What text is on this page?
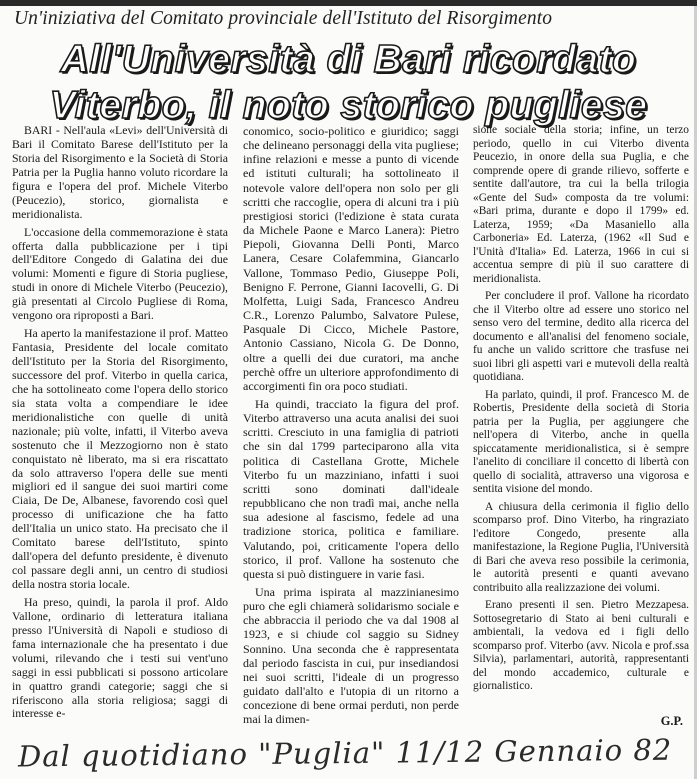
Un'iniziativa del Comitato provinciale dell'Istituto del Risorgimento
All'Università di Bari ricordato
Viterbo, il noto storico pugliese

BARI - Nell'aula «Levi» dell'Università di Bari il Comitato Barese dell'Istituto per la Storia del Risorgimento e la Società di Storia Patria per la Puglia hanno voluto ricordare la figura e l'opera del prof. Michele Viterbo (Peucezio), storico, giornalista e meridionalista.

L'occasione della commemorazione è stata offerta dalla pubblicazione per i tipi dell'Editore Congedo di Galatina dei due volumi: Momenti e figure di Storia pugliese, studi in onore di Michele Viterbo (Peucezio), già presentati al Circolo Pugliese di Roma, vengono ora riproposti a Bari.

Ha aperto la manifestazione il prof. Matteo Fantasia, Presidente del locale comitato dell'Istituto per la Storia del Risorgimento, successore del prof. Viterbo in quella carica, che ha sottolineato come l'opera dello storico sia stata volta a compendiare le idee meridionalistiche con quelle di unità nazionale; più volte, infatti, il Viterbo aveva sostenuto che il Mezzogiorno non è stato conquistato nè liberato, ma si era riscattato da solo attraverso l'opera delle sue menti migliori ed il sangue dei suoi martiri come Ciaia, De De, Albanese, favorendo così quel processo di unificazione che ha fatto dell'Italia un unico stato. Ha precisato che il Comitato barese dell'Istituto, spinto dall'opera del defunto presidente, è divenuto col passare degli anni, un centro di studiosi della nostra storia locale.

Ha preso, quindi, la parola il prof. Aldo Vallone, ordinario di letteratura italiana presso l'Università di Napoli e studioso di fama internazionale che ha presentato i due volumi, rilevando che i testi sui vent'uno saggi in essi pubblicati si possono articolare in quattro grandi categorie; saggi che si riferiscono alla storia religiosa; saggi di interesse e-

conomico, socio-politico e giuridico; saggi che delineano personaggi della vita pugliese; infine relazioni e messe a punto di vicende ed istituti culturali; ha sottolineato il notevole valore dell'opera non solo per gli scritti che raccoglie, opera di alcuni tra i più prestigiosi storici (l'edizione è stata curata da Michele Paone e Marco Lanera): Pietro Piepoli, Giovanna Delli Ponti, Marco Lanera, Cesare Colafemmina, Giancarlo Vallone, Tommaso Pedio, Giuseppe Poli, Benigno F. Perrone, Gianni Iacovelli, G. Di Molfetta, Luigi Sada, Francesco Andreu C.R., Lorenzo Palumbo, Salvatore Pulese, Pasquale Di Cicco, Michele Pastore, Antonio Cassiano, Nicola G. De Donno, oltre a quelli dei due curatori, ma anche perchè offre un ulteriore approfondimento di accorgimenti fin ora poco studiati.

Ha quindi, tracciato la figura del prof. Viterbo attraverso una acuta analisi dei suoi scritti. Cresciuto in una famiglia di patrioti che sin dal 1799 parteciparono alla vita politica di Castellana Grotte, Michele Viterbo fu un mazziniano, infatti i suoi scritti sono dominati dall'ideale repubblicano che non tradì mai, anche nella sua adesione al fascismo, fedele ad una tradizione storica, politica e familiare. Valutando, poi, criticamente l'opera dello storico, il prof. Vallone ha sostenuto che questa si può distinguere in varie fasi.

Una prima ispirata al mazzinianesimo puro che egli chiamerà solidarismo sociale e che abbraccia il periodo che va dal 1908 al 1923, e si chiude col saggio su Sidney Sonnino. Una seconda che è rappresentata dal periodo fascista in cui, pur insediandosi nei suoi scritti, l'ideale di un progresso guidato dall'alto e l'utopia di un ritorno a concezione di bene ormai perduti, non perde mai la dimen-

sione sociale della storia; infine, un terzo periodo, quello in cui Viterbo diventa Peucezio, in onore della sua Puglia, e che comprende opere di grande rilievo, sofferte e sentite dall'autore, tra cui la bella trilogia «Gente del Sud» composta da tre volumi: «Bari prima, durante e dopo il 1799» ed. Laterza, 1959; «Da Masaniello alla Carboneria» Ed. Laterza, (1962 «Il Sud e l'Unità d'Italia» Ed. Laterza, 1966 in cui si accentua sempre di più il suo carattere di meridionalista.

Per concludere il prof. Vallone ha ricordato che il Viterbo oltre ad essere uno storico nel senso vero del termine, dedito alla ricerca del documento e all'analisi del fenomeno sociale, fu anche un valido scrittore che trasfuse nei suoi libri gli aspetti vari e mutevoli della realtà quotidiana.

Ha parlato, quindi, il prof. Francesco M. de Robertis, Presidente della società di Storia patria per la Puglia, per aggiungere che nell'opera di Viterbo, anche in quella spiccatamente meridionalistica, si è sempre l'anelito di conciliare il concetto di libertà con quello di socialità, attraverso una vigorosa e sentita visione del mondo.

A chiusura della cerimonia il figlio dello scomparso prof. Dino Viterbo, ha ringraziato l'editore Congedo, presente alla manifestazione, la Regione Puglia, l'Università di Bari che aveva reso possibile la cerimonia, le autorità presenti e quanti avevano contribuito alla realizzazione dei volumi.

Erano presenti il sen. Pietro Mezzapesa. Sottosegretario di Stato ai beni culturali e ambientali, la vedova ed i figli dello scomparso prof. Viterbo (avv. Nicola e prof.ssa Silvia), parlamentari, autorità, rappresentanti del mondo accademico, culturale e giornalistico.

G.P.
Dal quotidiano "Puglia" 11/12 Gennaio 82
